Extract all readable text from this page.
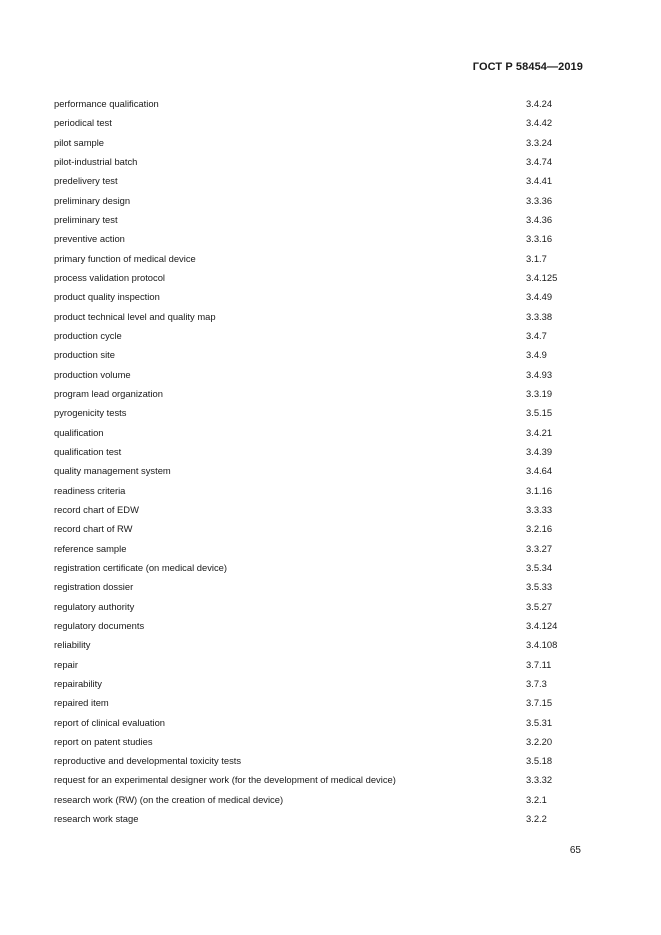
ГОСТ Р 58454—2019
performance qualification	3.4.24
periodical test	3.4.42
pilot sample	3.3.24
pilot-industrial batch	3.4.74
predelivery test	3.4.41
preliminary design	3.3.36
preliminary test	3.4.36
preventive action	3.3.16
primary function of medical device	3.1.7
process validation protocol	3.4.125
product quality inspection	3.4.49
product technical level and quality map	3.3.38
production cycle	3.4.7
production site	3.4.9
production volume	3.4.93
program lead organization	3.3.19
pyrogenicity tests	3.5.15
qualification	3.4.21
qualification test	3.4.39
quality management system	3.4.64
readiness criteria	3.1.16
record chart of EDW	3.3.33
record chart of RW	3.2.16
reference sample	3.3.27
registration certificate (on medical device)	3.5.34
registration dossier	3.5.33
regulatory authority	3.5.27
regulatory documents	3.4.124
reliability	3.4.108
repair	3.7.11
repairability	3.7.3
repaired item	3.7.15
report of clinical evaluation	3.5.31
report on patent studies	3.2.20
reproductive and developmental toxicity tests	3.5.18
request for an experimental designer work (for the development of medical device)	3.3.32
research work (RW) (on the creation of medical device)	3.2.1
research work stage	3.2.2
65
